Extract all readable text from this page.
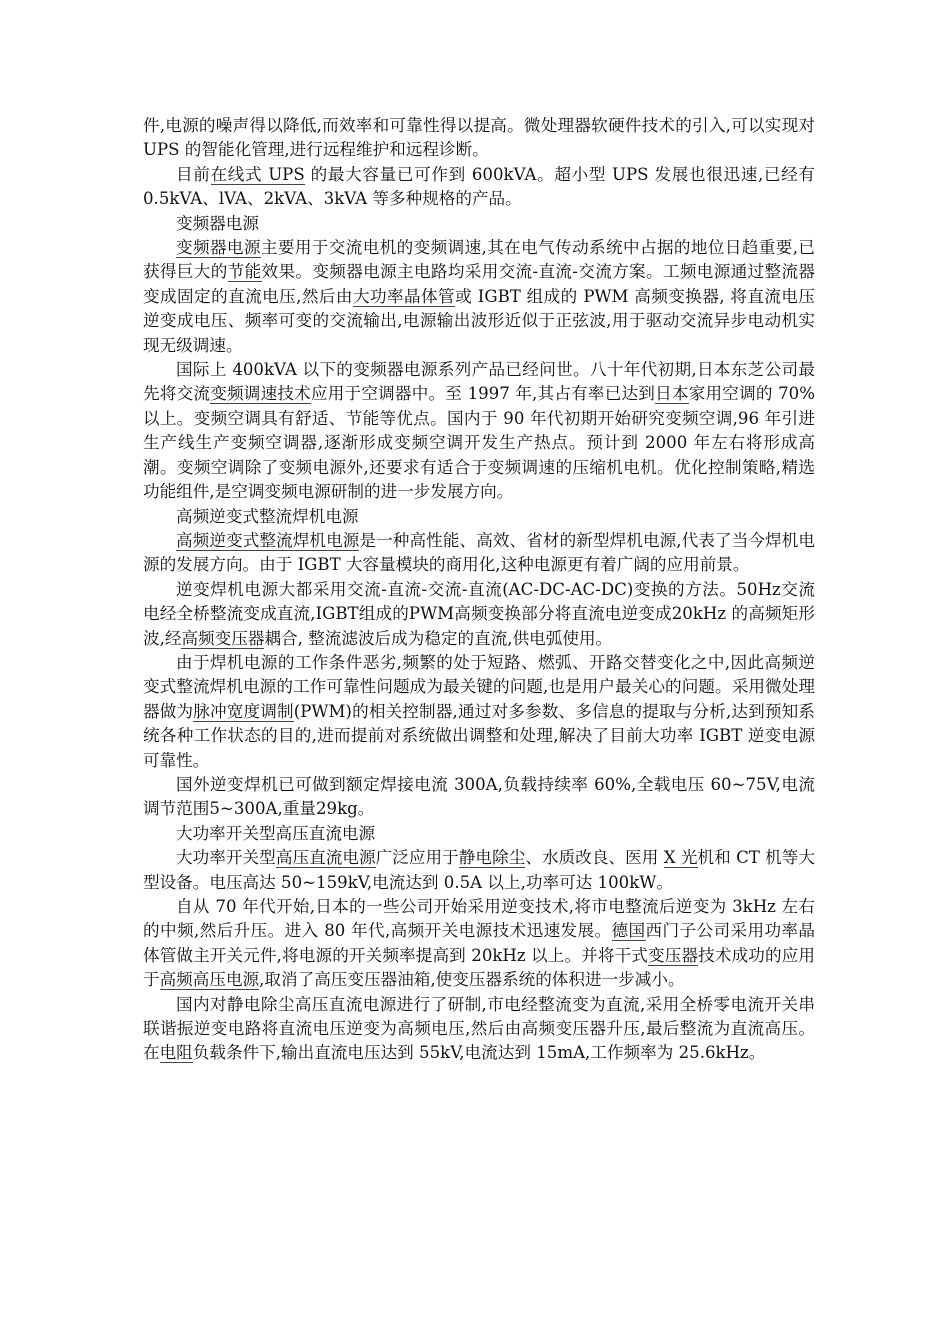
件,电源的噪声得以降低,而效率和可靠性得以提高。微处理器软硬件技术的引入,可以实现对 UPS 的智能化管理,进行远程维护和远程诊断。

目前在线式 UPS 的最大容量已可作到 600kVA。超小型 UPS 发展也很迅速,已经有 0.5kVA、lVA、2kVA、3kVA 等多种规格的产品。

变频器电源

变频器电源主要用于交流电机的变频调速,其在电气传动系统中占据的地位日趋重要,已获得巨大的节能效果。变频器电源主电路均采用交流-直流-交流方案。工频电源通过整流器变成固定的直流电压,然后由大功率晶体管或 IGBT 组成的 PWM 高频变换器, 将直流电压逆变成电压、频率可变的交流输出,电源输出波形近似于正弦波,用于驱动交流异步电动机实现无级调速。

国际上 400kVA 以下的变频器电源系列产品已经问世。八十年代初期,日本东芝公司最先将交流变频调速技术应用于空调器中。至 1997 年,其占有率已达到日本家用空调的 70%以上。变频空调具有舒适、节能等优点。国内于 90 年代初期开始研究变频空调,96 年引进生产线生产变频空调器,逐渐形成变频空调开发生产热点。预计到 2000 年左右将形成高潮。变频空调除了变频电源外,还要求有适合于变频调速的压缩机电机。优化控制策略,精选功能组件,是空调变频电源研制的进一步发展方向。

高频逆变式整流焊机电源

高频逆变式整流焊机电源是一种高性能、高效、省材的新型焊机电源,代表了当今焊机电源的发展方向。由于 IGBT 大容量模块的商用化,这种电源更有着广阔的应用前景。

逆变焊机电源大都采用交流-直流-交流-直流(AC-DC-AC-DC)变换的方法。50Hz交流电经全桥整流变成直流,IGBT组成的PWM高频变换部分将直流电逆变成20kHz 的高频矩形波,经高频变压器耦合, 整流滤波后成为稳定的直流,供电弧使用。

由于焊机电源的工作条件恶劣,频繁的处于短路、燃弧、开路交替变化之中,因此高频逆变式整流焊机电源的工作可靠性问题成为最关键的问题,也是用户最关心的问题。采用微处理器做为脉冲宽度调制(PWM)的相关控制器,通过对多参数、多信息的提取与分析,达到预知系统各种工作状态的目的,进而提前对系统做出调整和处理,解决了目前大功率 IGBT 逆变电源可靠性。

国外逆变焊机已可做到额定焊接电流 300A,负载持续率 60%,全载电压 60~75V,电流调节范围5~300A,重量29kg。

大功率开关型高压直流电源

大功率开关型高压直流电源广泛应用于静电除尘、水质改良、医用 X 光机和 CT 机等大型设备。电压高达 50~159kV,电流达到 0.5A 以上,功率可达 100kW。

自从 70 年代开始,日本的一些公司开始采用逆变技术,将市电整流后逆变为 3kHz 左右的中频,然后升压。进入 80 年代,高频开关电源技术迅速发展。德国西门子公司采用功率晶体管做主开关元件,将电源的开关频率提高到 20kHz 以上。并将干式变压器技术成功的应用于高频高压电源,取消了高压变压器油箱,使变压器系统的体积进一步减小。

国内对静电除尘高压直流电源进行了研制,市电经整流变为直流,采用全桥零电流开关串联谐振逆变电路将直流电压逆变为高频电压,然后由高频变压器升压,最后整流为直流高压。在电阻负载条件下,输出直流电压达到 55kV,电流达到 15mA,工作频率为 25.6kHz。
